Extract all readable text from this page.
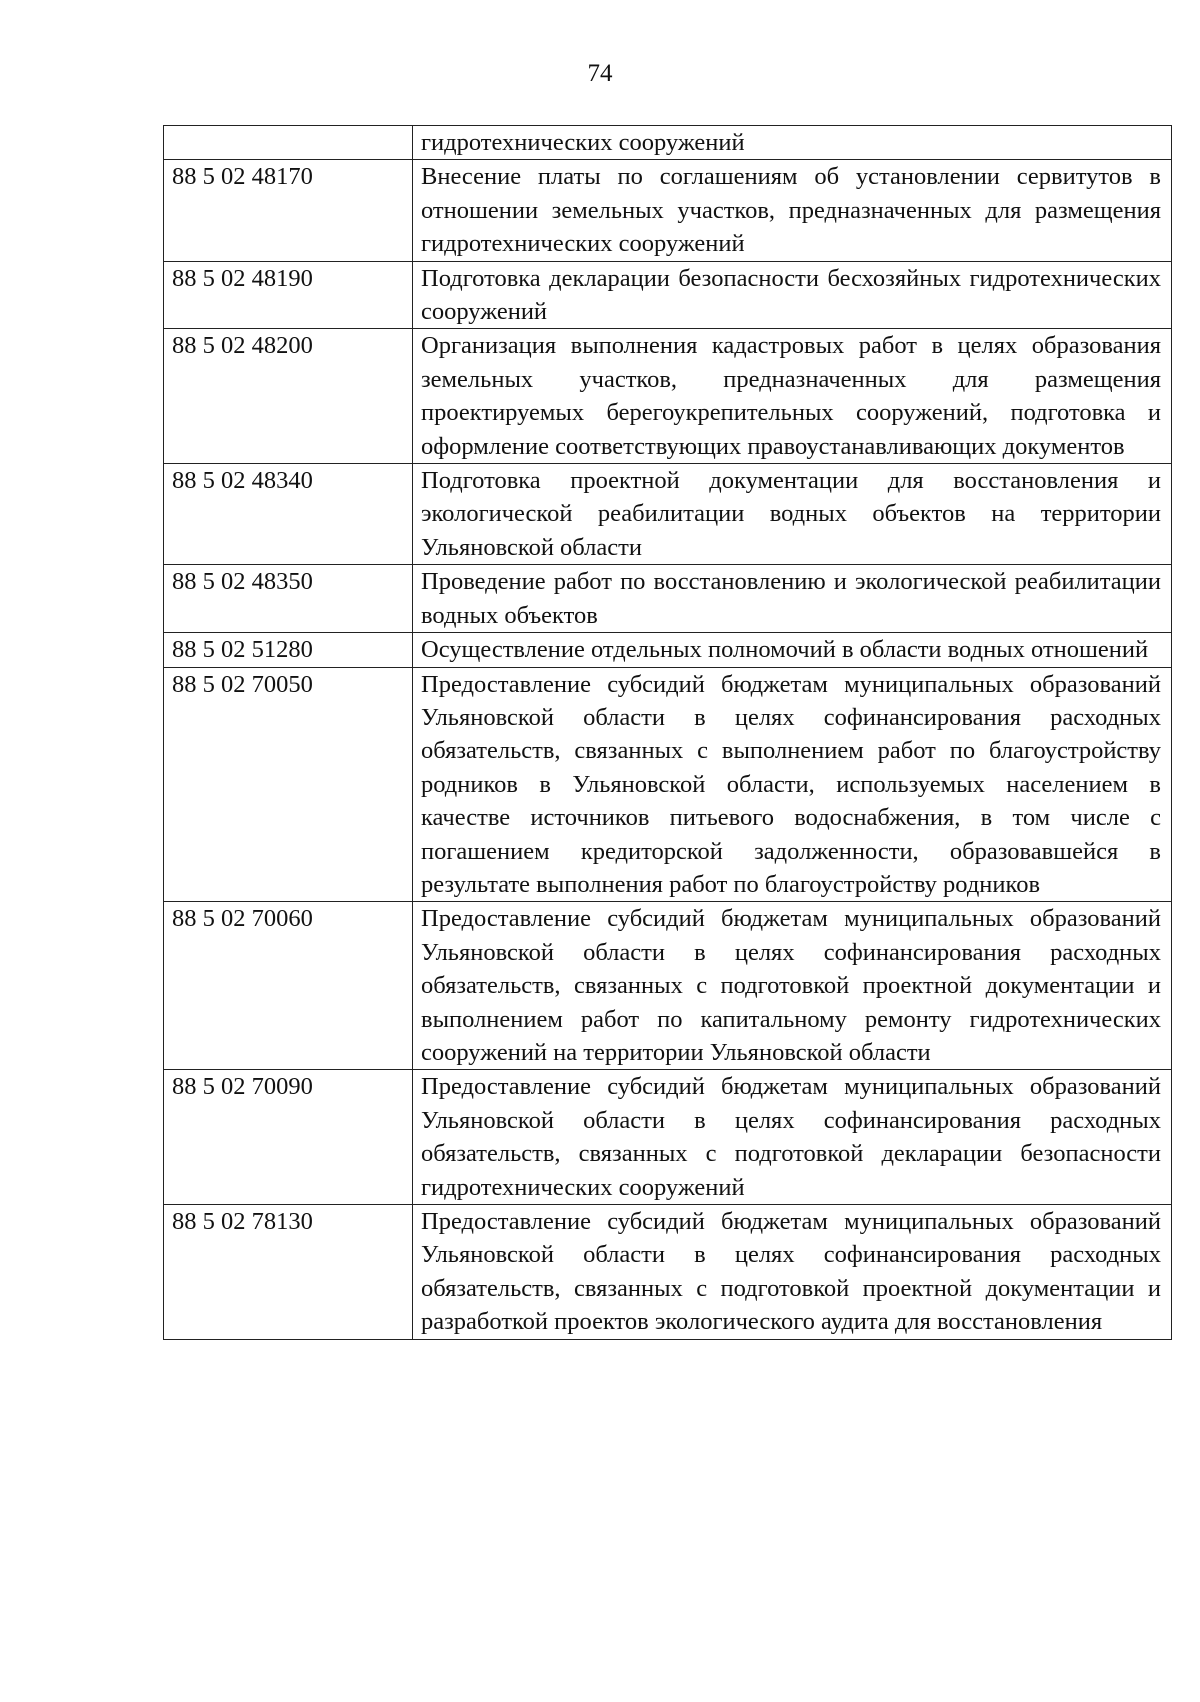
74
	гидротехнических сооружений
88 5 02 48170	Внесение платы по соглашениям об установлении сервитутов в отношении земельных участков, предназначенных для размещения гидротехнических сооружений
88 5 02 48190	Подготовка декларации безопасности бесхозяйных гидротехнических сооружений
88 5 02 48200	Организация выполнения кадастровых работ в целях образования земельных участков, предназначенных для размещения проектируемых берегоукрепительных сооружений, подготовка и оформление соответствующих правоустанавливающих документов
88 5 02 48340	Подготовка проектной документации для восстановления и экологической реабилитации водных объектов на территории Ульяновской области
88 5 02 48350	Проведение работ по восстановлению и экологической реабилитации водных объектов
88 5 02 51280	Осуществление отдельных полномочий в области водных отношений
88 5 02 70050	Предоставление субсидий бюджетам муниципальных образований Ульяновской области в целях софинансирования расходных обязательств, связанных с выполнением работ по благоустройству родников в Ульяновской области, используемых населением в качестве источников питьевого водоснабжения, в том числе с погашением кредиторской задолженности, образовавшейся в результате выполнения работ по благоустройству родников
88 5 02 70060	Предоставление субсидий бюджетам муниципальных образований Ульяновской области в целях софинансирования расходных обязательств, связанных с подготовкой проектной документации и выполнением работ по капитальному ремонту гидротехнических сооружений на территории Ульяновской области
88 5 02 70090	Предоставление субсидий бюджетам муниципальных образований Ульяновской области в целях софинансирования расходных обязательств, связанных с подготовкой декларации безопасности гидротехнических сооружений
88 5 02 78130	Предоставление субсидий бюджетам муниципальных образований Ульяновской области в целях софинансирования расходных обязательств, связанных с подготовкой проектной документации и разработкой проектов экологического аудита для восстановления
